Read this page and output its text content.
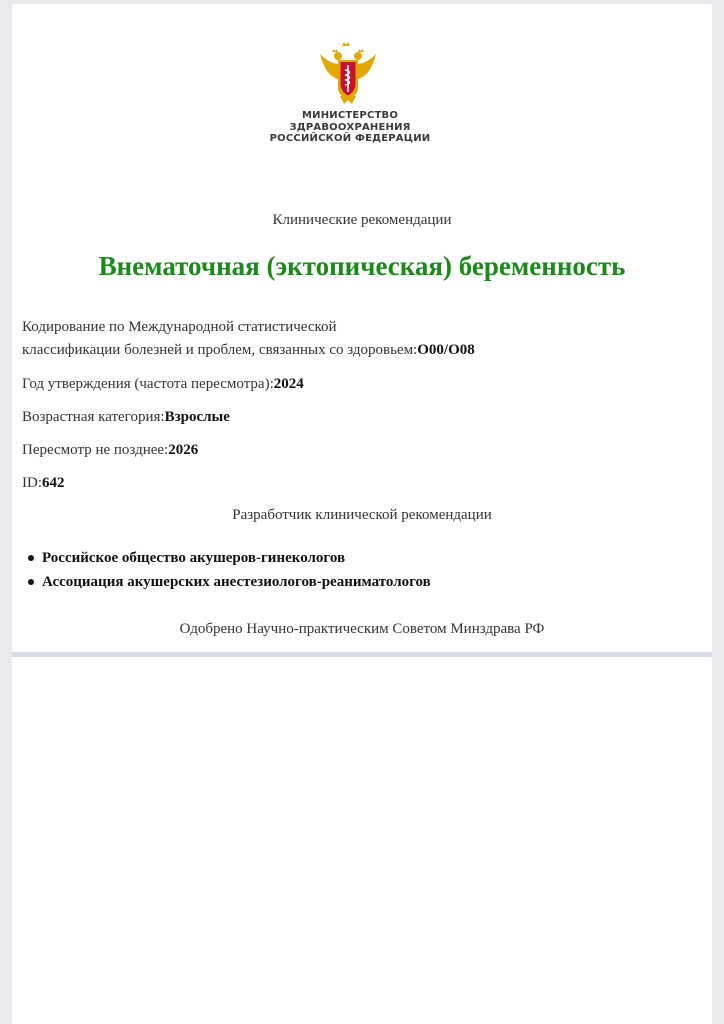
МИНИСТЕРСТВО
ЗДРАВООХРАНЕНИЯ
РОССИЙСКОЙ ФЕДЕРАЦИИ
Клинические рекомендации
Внематочная (эктопическая) беременность
Кодирование по Международной статистической
классификации болезней и проблем, связанных со здоровьем:О00/О08
Год утверждения (частота пересмотра):2024
Возрастная категория:Взрослые
Пересмотр не позднее:2026
ID:642
Разработчик клинической рекомендации
Российское общество акушеров-гинекологов
Ассоциация акушерских анестезиологов-реаниматологов
Одобрено Научно-практическим Советом Минздрава РФ
